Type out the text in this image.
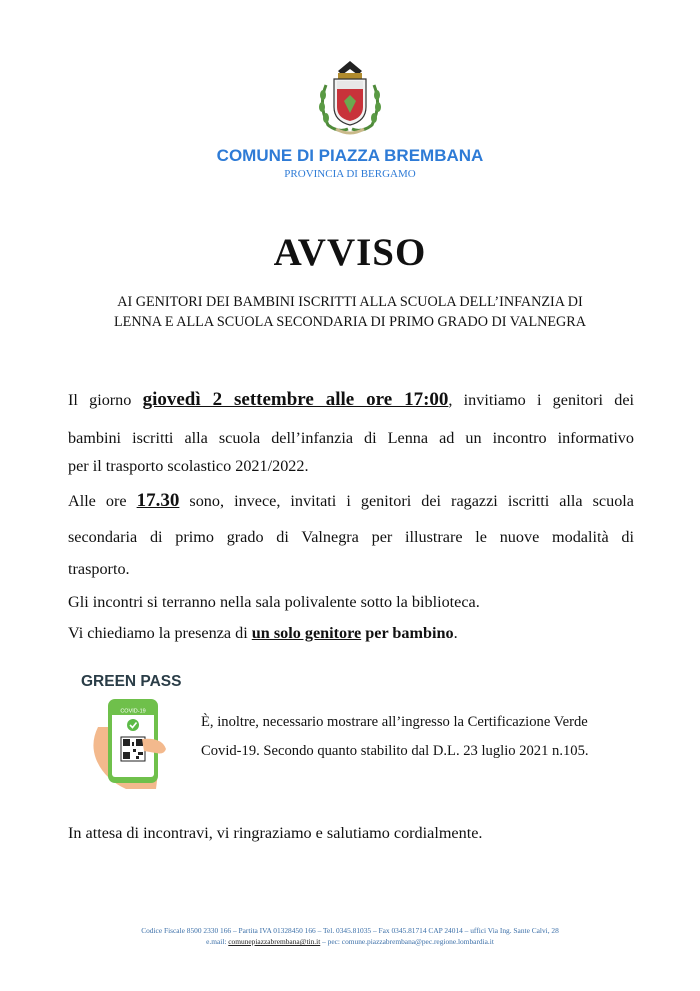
COMUNE DI PIAZZA BREMBANA
PROVINCIA DI BERGAMO
AVVISO
AI GENITORI DEI BAMBINI ISCRITTI ALLA SCUOLA DELL’INFANZIA DI
LENNA E ALLA SCUOLA SECONDARIA DI PRIMO GRADO DI VALNEGRA
Il giorno giovedì 2 settembre alle ore 17:00, invitiamo i genitori dei
bambini iscritti alla scuola dell’infanzia di Lenna ad un incontro informativo
per il trasporto scolastico 2021/2022.
Alle ore 17.30 sono, invece, invitati i genitori dei ragazzi iscritti alla scuola
secondaria di primo grado di Valnegra per illustrare le nuove modalità di
trasporto.
Gli incontri si terranno nella sala polivalente sotto la biblioteca.
Vi chiediamo la presenza di un solo genitore per bambino.
GREEN PASS
COVID-19
È, inoltre, necessario mostrare all’ingresso la Certificazione Verde
Covid-19. Secondo quanto stabilito dal D.L. 23 luglio 2021 n.105.
In attesa di incontravi, vi ringraziamo e salutiamo cordialmente.
Codice Fiscale 8500 2330 166 – Partita IVA 01328450 166 – Tel. 0345.81035 – Fax 0345.81714 CAP 24014 – uffici Via Ing. Sante Calvi, 28
e.mail: comunepiazzabrembana@tin.it – pec: comune.piazzabrembana@pec.regione.lombardia.it
